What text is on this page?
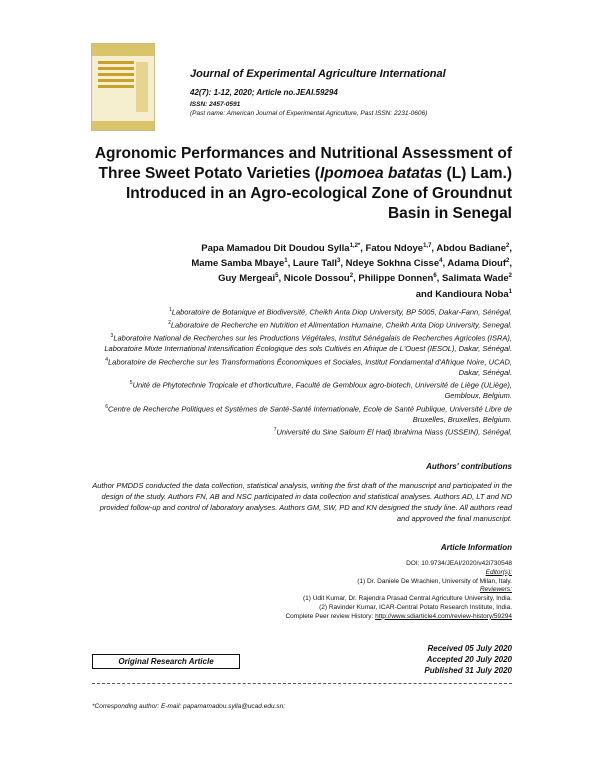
Journal of Experimental Agriculture International
42(7): 1-12, 2020; Article no.JEAI.59294
ISSN: 2457-0591
(Past name: American Journal of Experimental Agriculture, Past ISSN: 2231-0606)
Agronomic Performances and Nutritional Assessment of Three Sweet Potato Varieties (Ipomoea batatas (L) Lam.) Introduced in an Agro-ecological Zone of Groundnut Basin in Senegal
Papa Mamadou Dit Doudou Sylla$^{1,2*}$, Fatou Ndoye$^{1,7}$, Abdou Badiane$^2$,
Mame Samba Mbaye$^1$, Laure Tall$^3$, Ndeye Sokhna Cisse$^4$, Adama Diouf$^2$,
Guy Mergeai$^5$, Nicole Dossou$^2$, Philippe Donnen$^6$, Salimata Wade$^2$
and Kandioura Noba$^1$
$^1$Laboratoire de Botanique et Biodiversité, Cheikh Anta Diop University, BP 5005, Dakar-Fann, Sénégal.
$^2$Laboratoire de Recherche en Nutrition et Alimentation Humaine, Cheikh Anta Diop University, Senegal.
$^3$Laboratoire National de Recherches sur les Productions Végétales, Institut Sénégalais de Recherches Agricoles (ISRA), Laboratoire Mixte International Intensification Écologique des sols Cultivés en Afrique de L'Ouest (IESOL), Dakar, Sénégal.
$^4$Laboratoire de Recherche sur les Transformations Économiques et Sociales, Institut Fondamental d'Afrique Noire, UCAD, Dakar, Sénégal.
$^5$Unité de Phytotechnie Tropicale et d'horticulture, Faculté de Gembloux agro-biotech, Université de Liège (ULiège), Gembloux, Belgium.
$^6$Centre de Recherche Politiques et Systèmes de Santé-Santé Internationale, Ecole de Santé Publique, Université Libre de Bruxelles, Bruxelles, Belgium.
$^7$Université du Sine Saloum El Hadj Ibrahima Niass (USSEIN), Sénégal.
Authors' contributions
Author PMDDS conducted the data collection, statistical analysis, writing the first draft of the manuscript and participated in the design of the study. Authors FN, AB and NSC participated in data collection and statistical analyses. Authors AD, LT and ND provided follow-up and control of laboratory analyses. Authors GM, SW, PD and KN designed the study line. All authors read and approved the final manuscript.
Article Information
DOI: 10.9734/JEAI/2020/v42i730548
Editor(s):
(1) Dr. Daniele De Wrachien, University of Milan, Italy.
Reviewers:
(1) Udit Kumar, Dr. Rajendra Prasad Central Agriculture University, India.
(2) Ravinder Kumar, ICAR-Central Potato Research Institute, India.
Complete Peer review History: http://www.sdiarticle4.com/review-history/59294
Original Research Article
Received 05 July 2020
Accepted 20 July 2020
Published 31 July 2020
*Corresponding author: E-mail: papamamadou.sylla@ucad.edu.sn;
